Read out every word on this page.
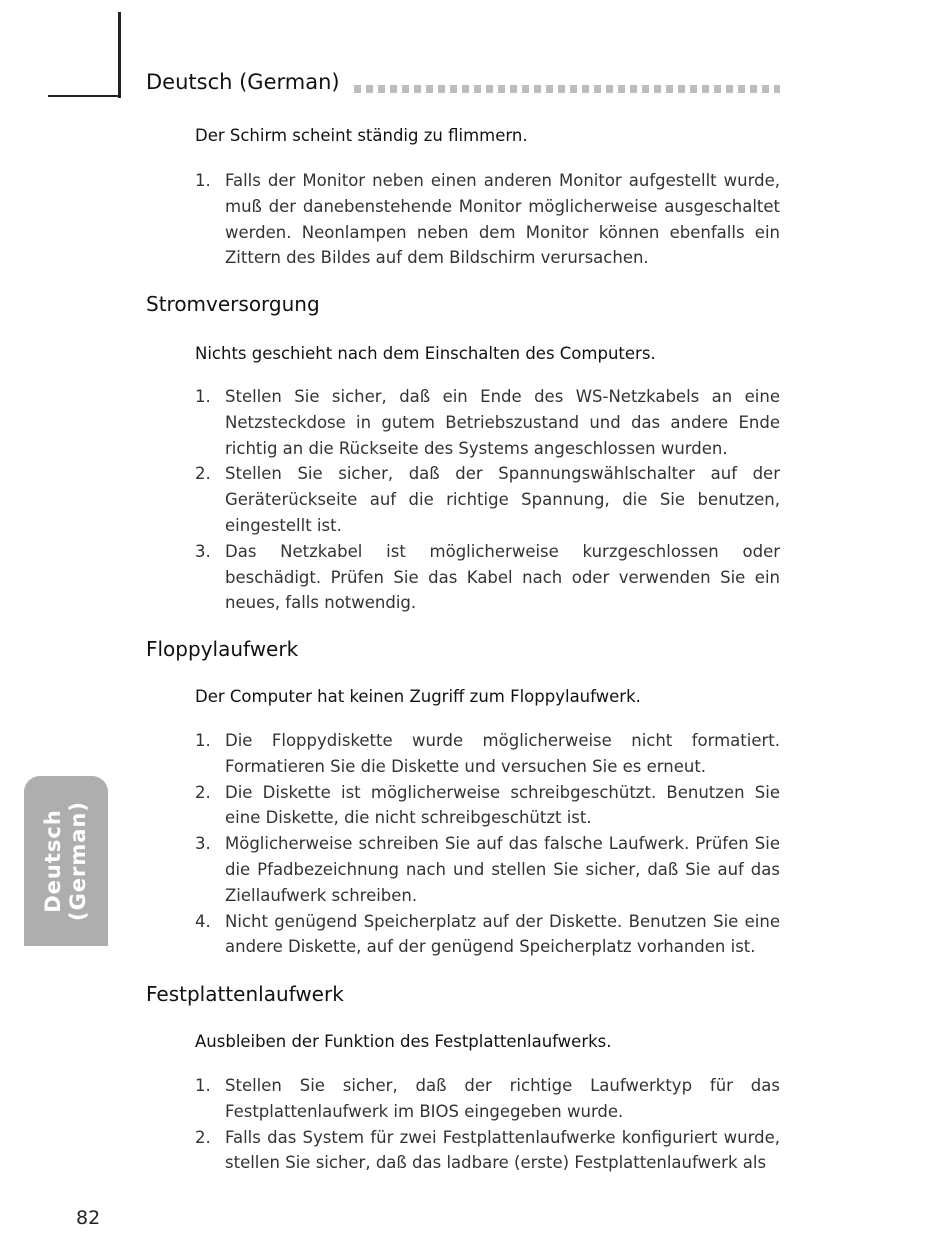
Deutsch (German)
Deutsch (German)

Der Schirm scheint ständig zu flimmern.

1. Falls der Monitor neben einen anderen Monitor aufgestellt wurde, muß der danebenstehende Monitor möglicherweise ausgeschaltet werden. Neonlampen neben dem Monitor können ebenfalls ein Zittern des Bildes auf dem Bildschirm verursachen.
Stromversorgung

Nichts geschieht nach dem Einschalten des Computers.

1. Stellen Sie sicher, daß ein Ende des WS-Netzkabels an eine Netzsteckdose in gutem Betriebszustand und das andere Ende richtig an die Rückseite des Systems angeschlossen wurden.
2. Stellen Sie sicher, daß der Spannungswählschalter auf der Geräterückseite auf die richtige Spannung, die Sie benutzen, eingestellt ist.
3. Das Netzkabel ist möglicherweise kurzgeschlossen oder beschädigt. Prüfen Sie das Kabel nach oder verwenden Sie ein neues, falls notwendig.
Floppylaufwerk

Der Computer hat keinen Zugriff zum Floppylaufwerk.

1. Die Floppydiskette wurde möglicherweise nicht formatiert. Formatieren Sie die Diskette und versuchen Sie es erneut.
2. Die Diskette ist möglicherweise schreibgeschützt. Benutzen Sie eine Diskette, die nicht schreibgeschützt ist.
3. Möglicherweise schreiben Sie auf das falsche Laufwerk. Prüfen Sie die Pfadbezeichnung nach und stellen Sie sicher, daß Sie auf das Ziellaufwerk schreiben.
4. Nicht genügend Speicherplatz auf der Diskette. Benutzen Sie eine andere Diskette, auf der genügend Speicherplatz vorhanden ist.
Festplattenlaufwerk

Ausbleiben der Funktion des Festplattenlaufwerks.

1. Stellen Sie sicher, daß der richtige Laufwerktyp für das Festplattenlaufwerk im BIOS eingegeben wurde.
2. Falls das System für zwei Festplattenlaufwerke konfiguriert wurde, stellen Sie sicher, daß das ladbare (erste) Festplattenlaufwerk als
82
